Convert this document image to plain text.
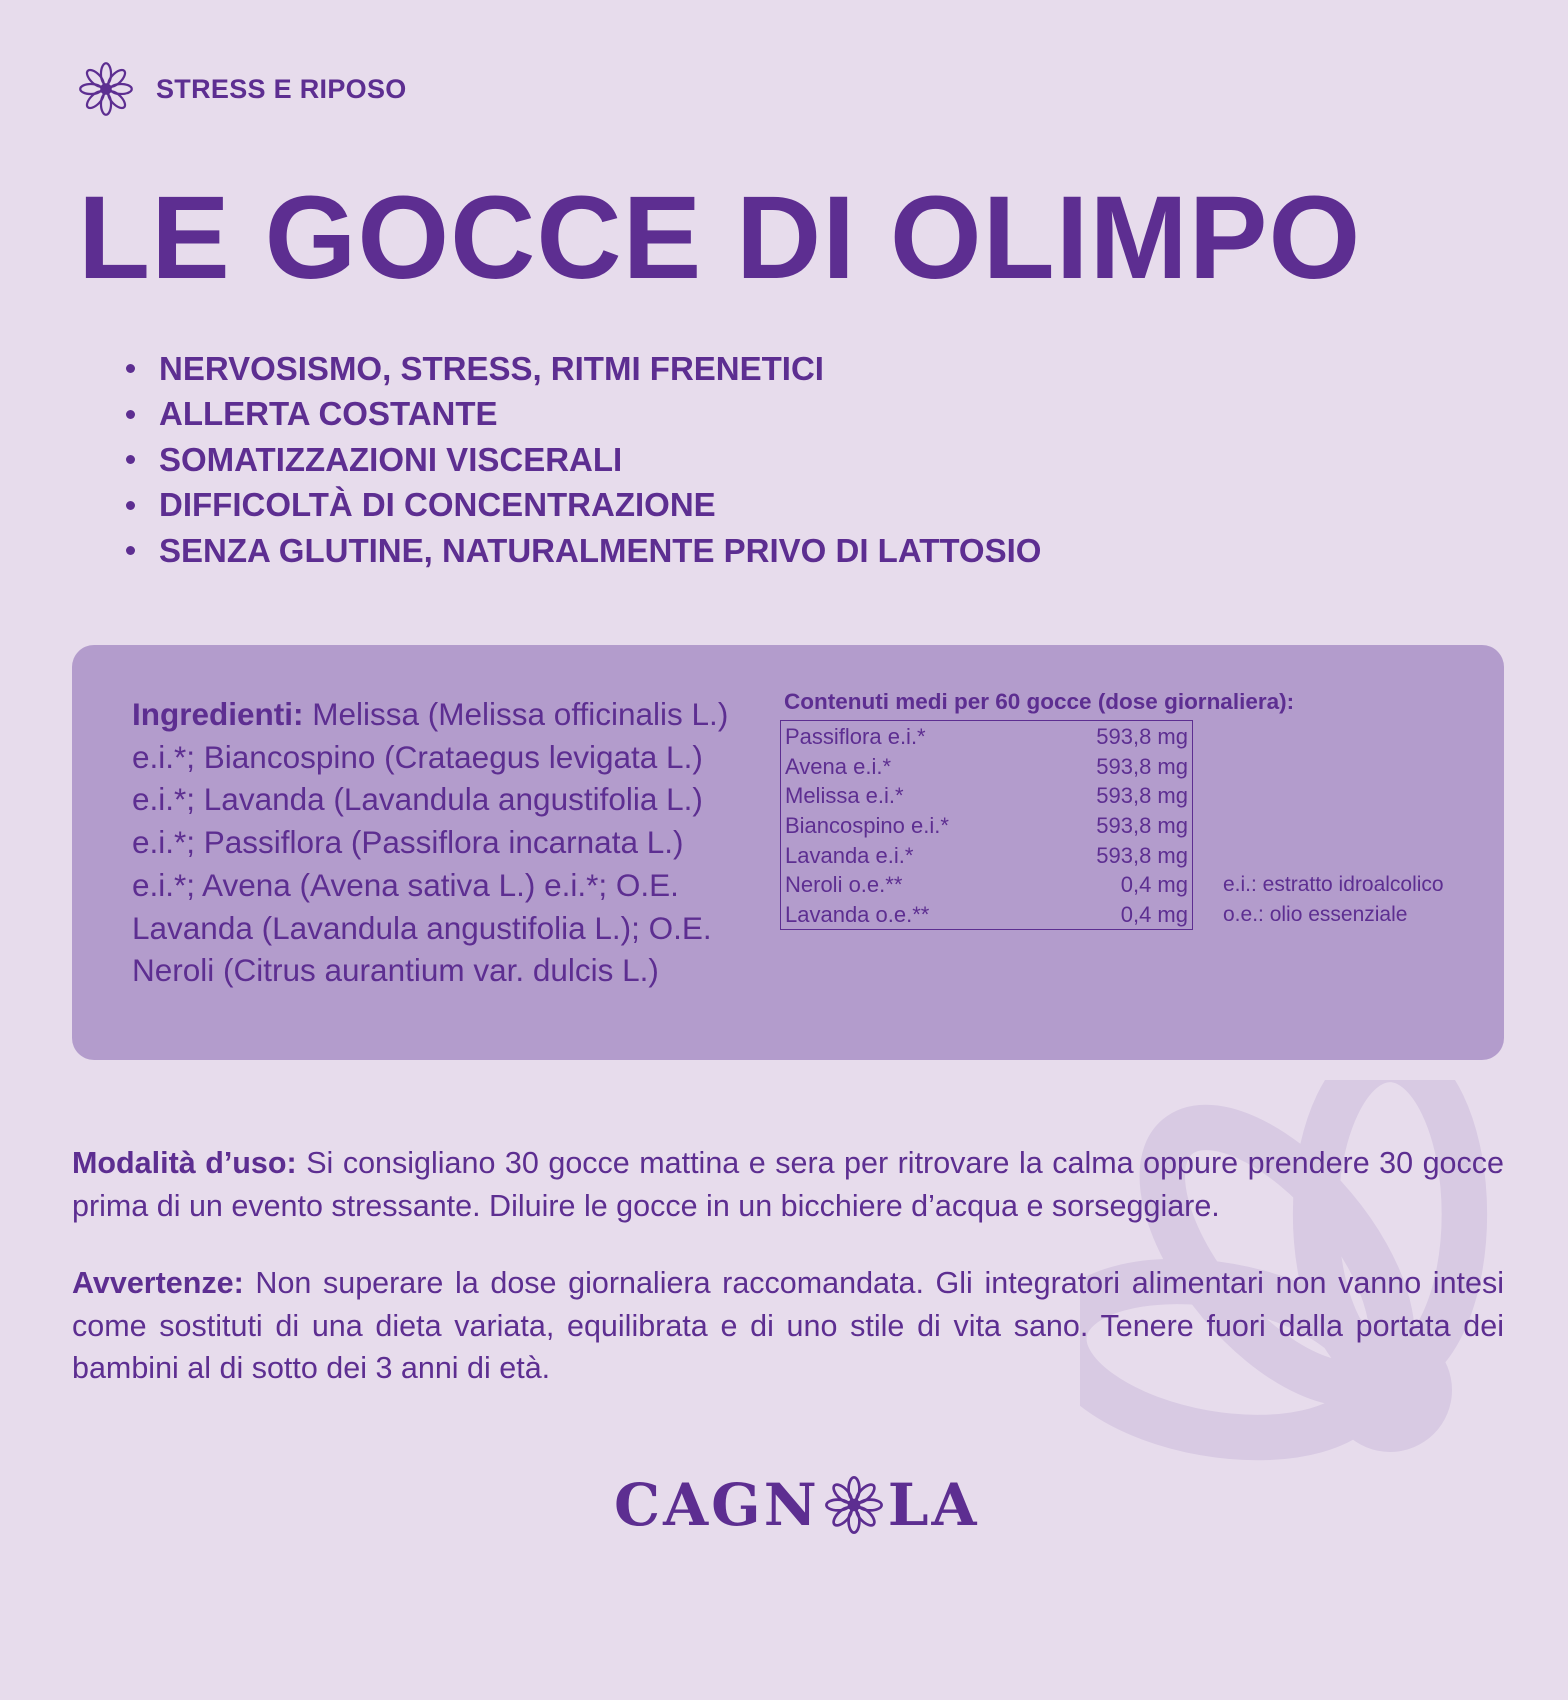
STRESS E RIPOSO
LE GOCCE DI OLIMPO
NERVOSISMO, STRESS, RITMI FRENETICI
ALLERTA COSTANTE
SOMATIZZAZIONI VISCERALI
DIFFICOLTÀ DI CONCENTRAZIONE
SENZA GLUTINE, NATURALMENTE PRIVO DI LATTOSIO
Ingredienti: Melissa (Melissa officinalis L.) e.i.*; Biancospino (Crataegus levigata L.) e.i.*; Lavanda (Lavandula angustifolia L.) e.i.*; Passiflora (Passiflora incarnata L.) e.i.*; Avena (Avena sativa L.) e.i.*; O.E. Lavanda (Lavandula angustifolia L.); O.E. Neroli (Citrus aurantium var. dulcis L.)
Contenuti medi per 60 gocce (dose giornaliera):
Passiflora e.i.*	593,8 mg
Avena e.i.*	593,8 mg
Melissa e.i.*	593,8 mg
Biancospino e.i.*	593,8 mg
Lavanda e.i.*	593,8 mg
Neroli o.e.**	0,4 mg
Lavanda o.e.**	0,4 mg
e.i.: estratto idroalcolico
o.e.: olio essenziale

Modalità d’uso: Si consigliano 30 gocce mattina e sera per ritrovare la calma oppure prendere 30 gocce prima di un evento stressante. Diluire le gocce in un bicchiere d’acqua e sorseggiare.

Avvertenze: Non superare la dose giornaliera raccomandata. Gli integratori alimentari non vanno intesi come sostituti di una dieta variata, equilibrata e di uno stile di vita sano. Tenere fuori dalla portata dei bambini al di sotto dei 3 anni di età.

CAGN LA
